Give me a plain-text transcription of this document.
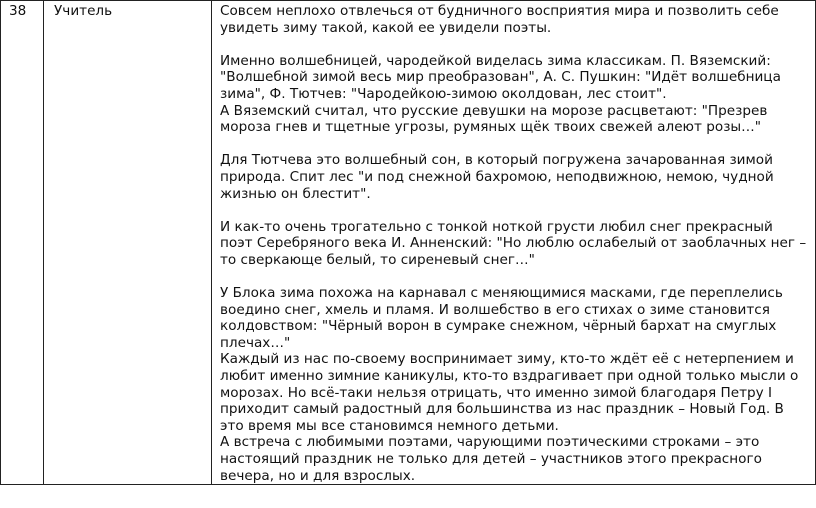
38	Учитель	Совсем неплохо отвлечься от будничного восприятия мира и позволить себе увидеть зиму такой, какой ее увидели поэты.

Именно волшебницей, чародейкой виделась зима классикам. П. Вяземский: "Волшебной зимой весь мир преобразован", А. С. Пушкин: "Идёт волшебница зима", Ф. Тютчев: "Чародейкою-зимою околдован, лес стоит".

А Вяземский считал, что русские девушки на морозе расцветают: "Презрев мороза гнев и тщетные угрозы, румяных щёк твоих свежей алеют розы…"

Для Тютчева это волшебный сон, в который погружена зачарованная зимой природа. Спит лес "и под снежной бахромою, неподвижною, немою, чудной жизнью он блестит".

И как-то очень трогательно с тонкой ноткой грусти любил снег прекрасный поэт Серебряного века И. Анненский: "Но люблю ослабелый от заоблачных нег – то сверкающе белый, то сиреневый снег…"

У Блока зима похожа на карнавал с меняющимися масками, где переплелись воедино снег, хмель и пламя. И волшебство в его стихах о зиме становится колдовством: "Чёрный ворон в сумраке снежном, чёрный бархат на смуглых плечах…"

Каждый из нас по-своему воспринимает зиму, кто-то ждёт её с нетерпением и любит именно зимние каникулы, кто-то вздрагивает при одной только мысли о морозах. Но всё-таки нельзя отрицать, что именно зимой благодаря Петру I приходит самый радостный для большинства из нас праздник – Новый Год. В это время мы все становимся немного детьми.

А встреча с любимыми поэтами, чарующими поэтическими строками – это настоящий праздник не только для детей – участников этого прекрасного вечера, но и для взрослых.
